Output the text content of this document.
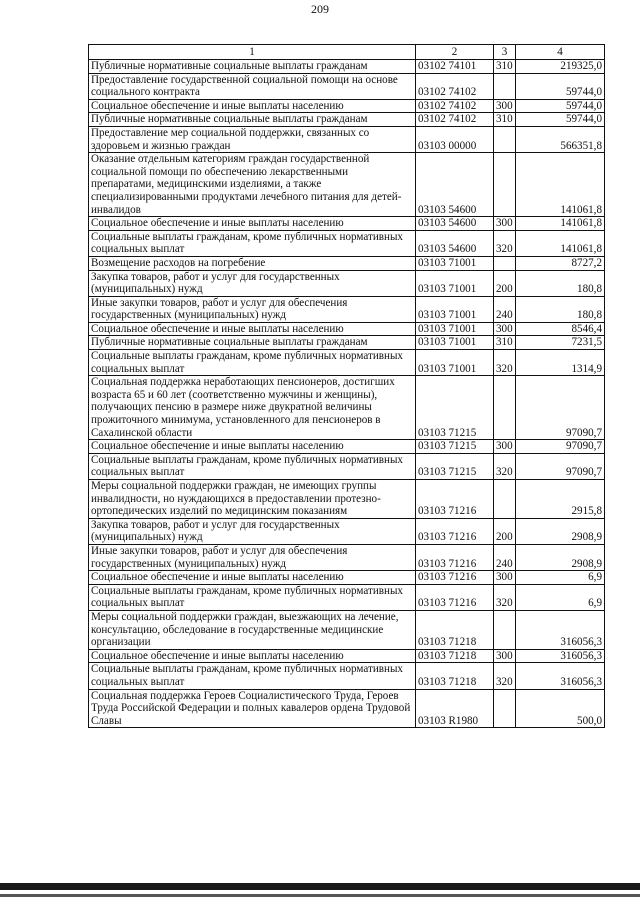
209
1	2	3	4
Публичные нормативные социальные выплаты гражданам	03102 74101	310	219325,0
Предоставление государственной социальной помощи на основе социального контракта	03102 74102		59744,0
Социальное обеспечение и иные выплаты населению	03102 74102	300	59744,0
Публичные нормативные социальные выплаты гражданам	03102 74102	310	59744,0
Предоставление мер социальной поддержки, связанных со здоровьем и жизнью граждан	03103 00000		566351,8
Оказание отдельным категориям граждан государственной социальной помощи по обеспечению лекарственными препаратами, медицинскими изделиями, а также специализированными продуктами лечебного питания для детей-инвалидов	03103 54600		141061,8
Социальное обеспечение и иные выплаты населению	03103 54600	300	141061,8
Социальные выплаты гражданам, кроме публичных нормативных социальных выплат	03103 54600	320	141061,8
Возмещение расходов на погребение	03103 71001		8727,2
Закупка товаров, работ и услуг для государственных (муниципальных) нужд	03103 71001	200	180,8
Иные закупки товаров, работ и услуг для обеспечения государственных (муниципальных) нужд	03103 71001	240	180,8
Социальное обеспечение и иные выплаты населению	03103 71001	300	8546,4
Публичные нормативные социальные выплаты гражданам	03103 71001	310	7231,5
Социальные выплаты гражданам, кроме публичных нормативных социальных выплат	03103 71001	320	1314,9
Социальная поддержка неработающих пенсионеров, достигших возраста 65 и 60 лет (соответственно мужчины и женщины), получающих пенсию в размере ниже двукратной величины прожиточного минимума, установленного для пенсионеров в Сахалинской области	03103 71215		97090,7
Социальное обеспечение и иные выплаты населению	03103 71215	300	97090,7
Социальные выплаты гражданам, кроме публичных нормативных социальных выплат	03103 71215	320	97090,7
Меры социальной поддержки граждан, не имеющих группы инвалидности, но нуждающихся в предоставлении протезно-ортопедических изделий по медицинским показаниям	03103 71216		2915,8
Закупка товаров, работ и услуг для государственных (муниципальных) нужд	03103 71216	200	2908,9
Иные закупки товаров, работ и услуг для обеспечения государственных (муниципальных) нужд	03103 71216	240	2908,9
Социальное обеспечение и иные выплаты населению	03103 71216	300	6,9
Социальные выплаты гражданам, кроме публичных нормативных социальных выплат	03103 71216	320	6,9
Меры социальной поддержки граждан, выезжающих на лечение, консультацию, обследование в государственные медицинские организации	03103 71218		316056,3
Социальное обеспечение и иные выплаты населению	03103 71218	300	316056,3
Социальные выплаты гражданам, кроме публичных нормативных социальных выплат	03103 71218	320	316056,3
Социальная поддержка Героев Социалистического Труда, Героев Труда Российской Федерации и полных кавалеров ордена Трудовой Славы	03103 R1980		500,0
